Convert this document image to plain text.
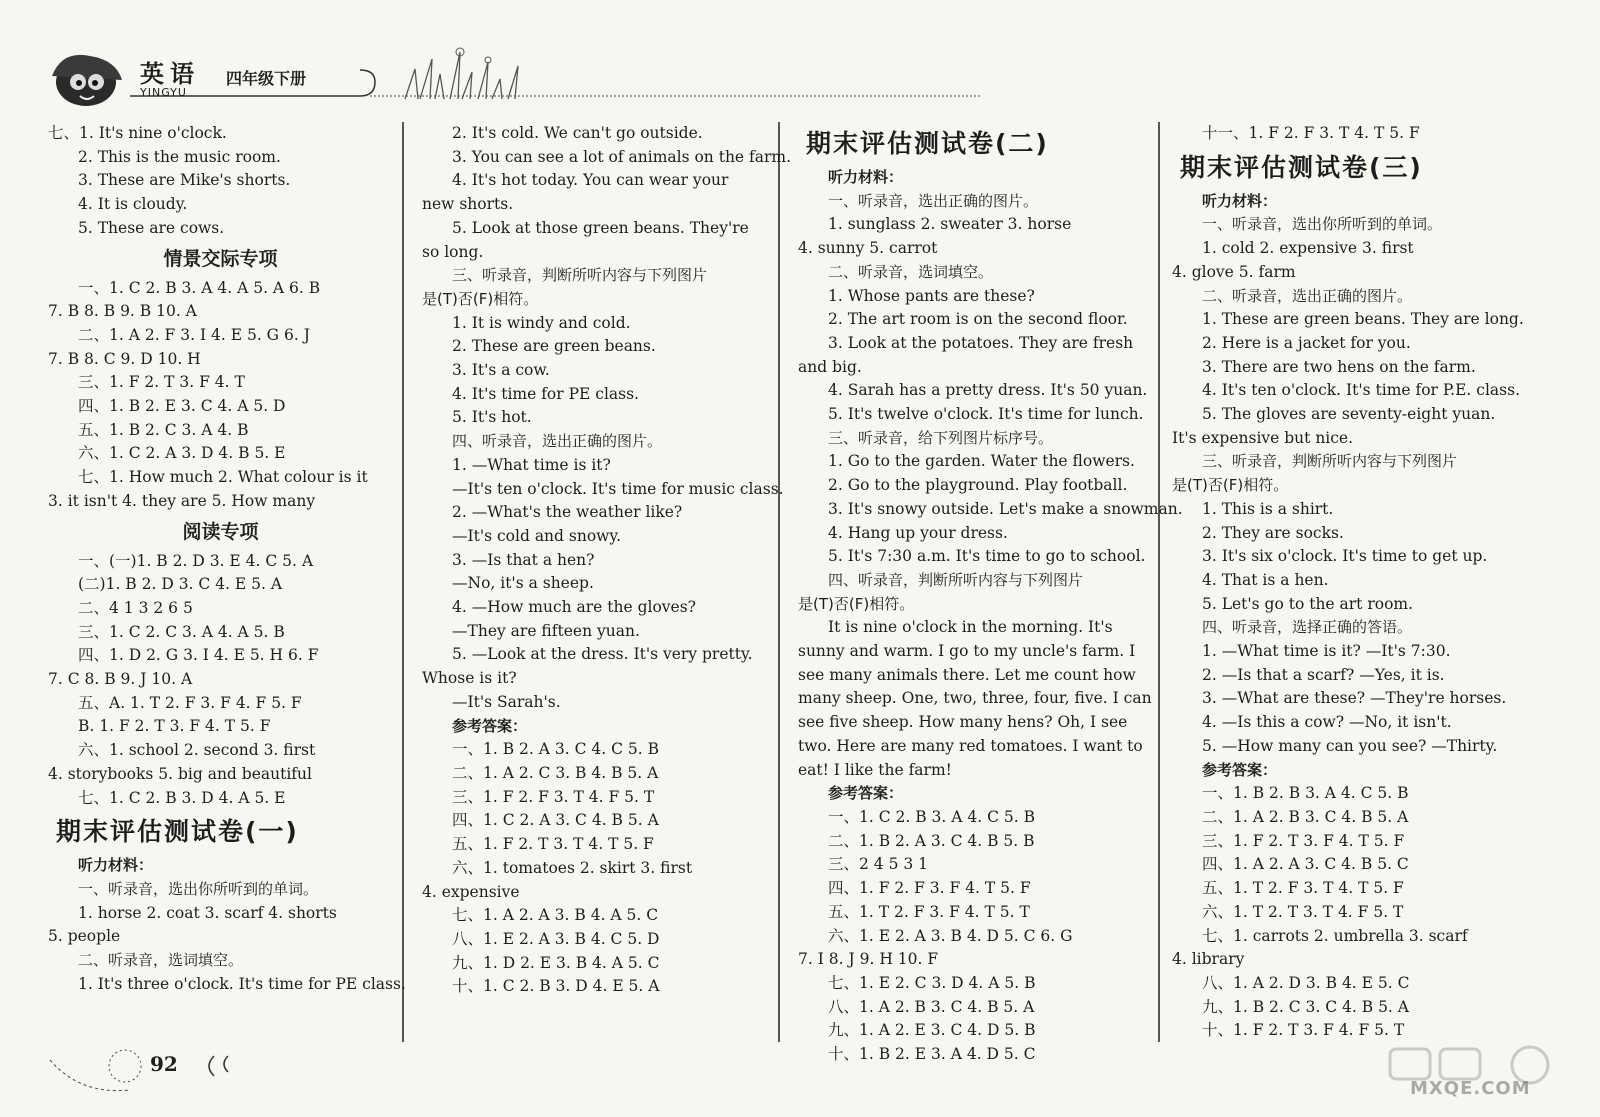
英语
YINGYU
四年级下册
七、1. It's nine o'clock.
2. This is the music room.
3. These are Mike's shorts.
4. It is cloudy.
5. These are cows.
情景交际专项
一、1. C 2. B 3. A 4. A 5. A 6. B
7. B 8. B 9. B 10. A
二、1. A 2. F 3. I 4. E 5. G 6. J
7. B 8. C 9. D 10. H
三、1. F 2. T 3. F 4. T
四、1. B 2. E 3. C 4. A 5. D
五、1. B 2. C 3. A 4. B
六、1. C 2. A 3. D 4. B 5. E
七、1. How much 2. What colour is it
3. it isn't 4. they are 5. How many
阅读专项
一、(一)1. B 2. D 3. E 4. C 5. A
(二)1. B 2. D 3. C 4. E 5. A
二、4 1 3 2 6 5
三、1. C 2. C 3. A 4. A 5. B
四、1. D 2. G 3. I 4. E 5. H 6. F
7. C 8. B 9. J 10. A
五、A. 1. T 2. F 3. F 4. F 5. F
B. 1. F 2. T 3. F 4. T 5. F
六、1. school 2. second 3. first
4. storybooks 5. big and beautiful
七、1. C 2. B 3. D 4. A 5. E
期末评估测试卷(一)
听力材料：
一、听录音，选出你所听到的单词。
1. horse 2. coat 3. scarf 4. shorts
5. people
二、听录音，选词填空。
1. It's three o'clock. It's time for PE class.
2. It's cold. We can't go outside.
3. You can see a lot of animals on the farm.
4. It's hot today. You can wear your
new shorts.
5. Look at those green beans. They're
so long.
三、听录音，判断所听内容与下列图片
是(T)否(F)相符。
1. It is windy and cold.
2. These are green beans.
3. It's a cow.
4. It's time for PE class.
5. It's hot.
四、听录音，选出正确的图片。
1. —What time is it?
—It's ten o'clock. It's time for music class.
2. —What's the weather like?
—It's cold and snowy.
3. —Is that a hen?
—No, it's a sheep.
4. —How much are the gloves?
—They are fifteen yuan.
5. —Look at the dress. It's very pretty.
Whose is it?
—It's Sarah's.
参考答案：
一、1. B 2. A 3. C 4. C 5. B
二、1. A 2. C 3. B 4. B 5. A
三、1. F 2. F 3. T 4. F 5. T
四、1. C 2. A 3. C 4. B 5. A
五、1. F 2. T 3. T 4. T 5. F
六、1. tomatoes 2. skirt 3. first
4. expensive
七、1. A 2. A 3. B 4. A 5. C
八、1. E 2. A 3. B 4. C 5. D
九、1. D 2. E 3. B 4. A 5. C
十、1. C 2. B 3. D 4. E 5. A
期末评估测试卷(二)
听力材料：
一、听录音，选出正确的图片。
1. sunglass 2. sweater 3. horse
4. sunny 5. carrot
二、听录音，选词填空。
1. Whose pants are these?
2. The art room is on the second floor.
3. Look at the potatoes. They are fresh
and big.
4. Sarah has a pretty dress. It's 50 yuan.
5. It's twelve o'clock. It's time for lunch.
三、听录音，给下列图片标序号。
1. Go to the garden. Water the flowers.
2. Go to the playground. Play football.
3. It's snowy outside. Let's make a snowman.
4. Hang up your dress.
5. It's 7:30 a.m. It's time to go to school.
四、听录音，判断所听内容与下列图片
是(T)否(F)相符。
It is nine o'clock in the morning. It's
sunny and warm. I go to my uncle's farm. I
see many animals there. Let me count how
many sheep. One, two, three, four, five. I can
see five sheep. How many hens? Oh, I see
two. Here are many red tomatoes. I want to
eat! I like the farm!
参考答案：
一、1. C 2. B 3. A 4. C 5. B
二、1. B 2. A 3. C 4. B 5. B
三、2 4 5 3 1
四、1. F 2. F 3. F 4. T 5. F
五、1. T 2. F 3. F 4. T 5. T
六、1. E 2. A 3. B 4. D 5. C 6. G
7. I 8. J 9. H 10. F
七、1. E 2. C 3. D 4. A 5. B
八、1. A 2. B 3. C 4. B 5. A
九、1. A 2. E 3. C 4. D 5. B
十、1. B 2. E 3. A 4. D 5. C
十一、1. F 2. F 3. T 4. T 5. F
期末评估测试卷(三)
听力材料：
一、听录音，选出你所听到的单词。
1. cold 2. expensive 3. first
4. glove 5. farm
二、听录音，选出正确的图片。
1. These are green beans. They are long.
2. Here is a jacket for you.
3. There are two hens on the farm.
4. It's ten o'clock. It's time for P.E. class.
5. The gloves are seventy-eight yuan.
It's expensive but nice.
三、听录音，判断所听内容与下列图片
是(T)否(F)相符。
1. This is a shirt.
2. They are socks.
3. It's six o'clock. It's time to get up.
4. That is a hen.
5. Let's go to the art room.
四、听录音，选择正确的答语。
1. —What time is it? —It's 7:30.
2. —Is that a scarf? —Yes, it is.
3. —What are these? —They're horses.
4. —Is this a cow? —No, it isn't.
5. —How many can you see? —Thirty.
参考答案：
一、1. B 2. B 3. A 4. C 5. B
二、1. A 2. B 3. C 4. B 5. A
三、1. F 2. T 3. F 4. T 5. F
四、1. A 2. A 3. C 4. B 5. C
五、1. T 2. F 3. T 4. T 5. F
六、1. T 2. T 3. T 4. F 5. T
七、1. carrots 2. umbrella 3. scarf
4. library
八、1. A 2. D 3. B 4. E 5. C
九、1. B 2. C 3. C 4. B 5. A
十、1. F 2. T 3. F 4. F 5. T
92
MXQE.COM
